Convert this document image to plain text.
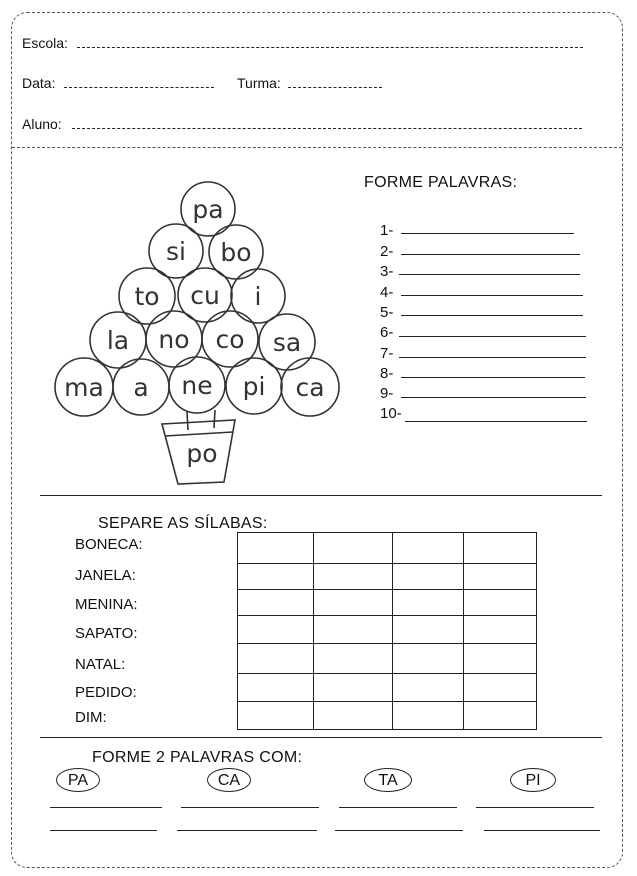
Escola:
Data:	Turma:
Aluno:
pa
si bo
to cu i
la no co sa
ma a ne pi ca
po
FORME PALAVRAS:
1-
2-
3-
4-
5-
6-
7-
8-
9-
10-
SEPARE AS SÍLABAS:
BONECA:
JANELA:
MENINA:
SAPATO:
NATAL:
PEDIDO:
DIM:
FORME 2 PALAVRAS COM:
PA	CA	TA	PI
